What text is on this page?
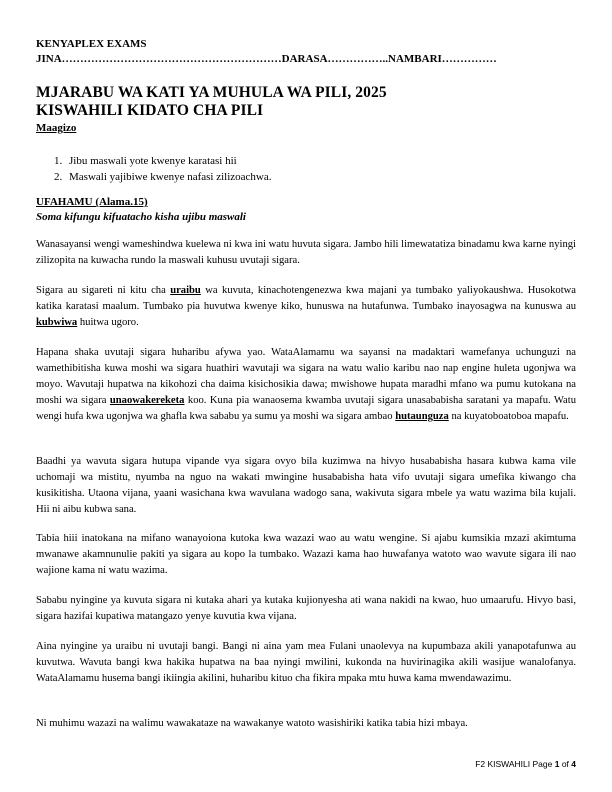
KENYAPLEX EXAMS
JINA……………………………………………………DARASA……………..NAMBARI……………
MJARABU WA KATI YA MUHULA WA PILI, 2025
KISWAHILI KIDATO CHA PILI
Maagizo
1. Jibu maswali yote kwenye karatasi hii
2. Maswali yajibiwe kwenye nafasi zilizoachwa.
UFAHAMU (Alama.15)
Soma kifungu kifuatacho kisha ujibu maswali

Wanasayansi wengi wameshindwa kuelewa ni kwa ini watu huvuta sigara. Jambo hili limewatatiza binadamu kwa karne nyingi zilizopita na kuwacha rundo la maswali kuhusu uvutaji sigara.

Sigara au sigareti ni kitu cha uraibu wa kuvuta, kinachotengenezwa kwa majani ya tumbako yaliyokaushwa. Husokotwa katika karatasi maalum. Tumbako pia huvutwa kwenye kiko, hunuswa na hutafunwa. Tumbako inayosagwa na kunuswa au kubwiwa huitwa ugoro.

Hapana shaka uvutaji sigara huharibu afywa yao. WataAlamamu wa sayansi na madaktari wamefanya uchunguzi na wamethibitisha kuwa moshi wa sigara huathiri wavutaji wa sigara na watu walio karibu nao nap engine huleta ugonjwa wa moyo. Wavutaji hupatwa na kikohozi cha daima kisichosikia dawa; mwishowe hupata maradhi mfano wa pumu kutokana na moshi wa sigara unaowakereketa koo. Kuna pia wanaosema kwamba uvutaji sigara unasababisha saratani ya mapafu. Watu wengi hufa kwa ugonjwa wa ghafla kwa sababu ya sumu ya moshi wa sigara ambao hutaunguza na kuyatoboatoboa mapafu.

Baadhi ya wavuta sigara hutupa vipande vya sigara ovyo bila kuzimwa na hivyo husababisha hasara kubwa kama vile uchomaji wa mistitu, nyumba na nguo na wakati mwingine husababisha hata vifo uvutaji sigara umefika kiwango cha kusikitisha. Utaona vijana, yaani wasichana kwa wavulana wadogo sana, wakivuta sigara mbele ya watu wazima bila kujali. Hii ni aibu kubwa sana.

Tabia hiii inatokana na mifano wanayoiona kutoka kwa wazazi wao au watu wengine. Si ajabu kumsikia mzazi akimtuma mwanawe akamnunulie pakiti ya sigara au kopo la tumbako. Wazazi kama hao huwafanya watoto wao wavute sigara ili nao wajione kama ni watu wazima.

Sababu nyingine ya kuvuta sigara ni kutaka ahari ya kutaka kujionyesha ati wana nakidi na kwao, huo umaarufu. Hivyo basi, sigara hazifai kupatiwa matangazo yenye kuvutia kwa vijana.

Aina nyingine ya uraibu ni uvutaji bangi. Bangi ni aina yam mea Fulani unaolevya na kupumbaza akili yanapotafunwa au kuvutwa. Wavuta bangi kwa hakika hupatwa na baa nyingi mwilini, kukonda na huvirinagika akili wasijue wanalofanya. WataAlamamu husema bangi ikiingia akilini, huharibu kituo cha fikira mpaka mtu huwa kama mwendawazimu.

Ni muhimu wazazi na walimu wawakataze na wawakanye watoto wasishiriki katika tabia hizi mbaya.

F2 KISWAHILI Page 1 of 4
